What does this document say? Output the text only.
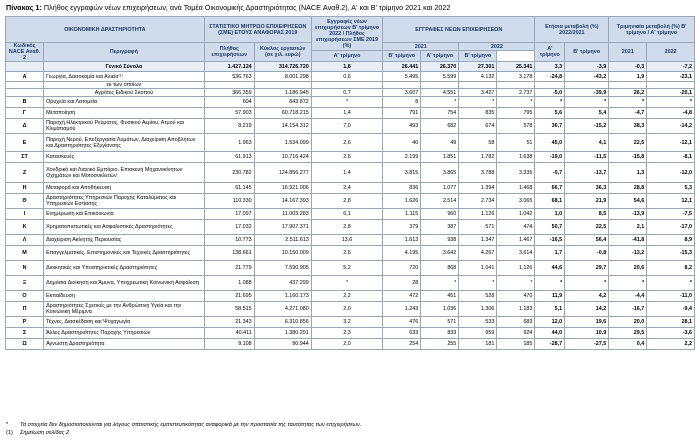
Πίνακας 1: Πλήθος εγγραφών νέων επιχειρήσεων, ανά Τομέα Οικονομικής Δραστηριότητας (NACE Αναθ.2), Α' και Β' τρίμηνο 2021 και 2022
ΟΙΚΟΝΟΜΙΚΗ ΔΡΑΣΤΗΡΙΟΤΗΤΑ		ΣΤΑΤΙΣΤΙΚΟ ΜΗΤΡΩΟ ΕΠΙΧΕΙΡΗΣΕΩΝ (ΣΜΕ) ΕΤΟΥΣ ΑΝΑΦΟΡΑΣ 2019		Εγγραφές νέων επιχειρήσεων Β' τρίμηνο 2022 / Πλήθος επιχειρήσεων ΣΜΕ 2019 (%)	ΕΓΓΡΑΦΕΣ ΝΕΩΝ ΕΠΙΧΕΙΡΗΣΕΩΝ				Ετήσια μεταβολή (%) 2022/2021		Τριμηνιαία μεταβολή (%) Β' τρίμηνο / Α' τρίμηνο	
Κωδικός NACE Αναθ. 2	Περιγραφή	Πλήθος επιχειρήσεων	Κύκλος εργασιών (σε χιλ. ευρώ)		2021		2022		Α' τρίμηνο	Β' τρίμηνο	2021	2022
				Α' τρίμηνο	Β' τρίμηνο	Α' τρίμηνο	Β' τρίμηνο					
	Γενικό Σύνολο	1.427.124	314.726.720	1,8	26.441	26.370	27.301	25.341	3,3	-3,9	-0,3	-7,2
Α	Γεωργία, Δασοκομία και Αλιεία⁽¹⁾	536.763	8.001.298	0,6	5.495	5.599	4.132	3.178	-24,8	-43,2	1,9	-23,1
	εκ των οποίων											
	Αγρότες Ειδικού Σκοπού	366.359	1.186.945	0,7	3.607	4.551	3.427	2.737	-5,0	-39,9	26,2	-20,1
Β	Ορυχεία και Λατομεία	604	843.872	*	8	*	*	*	*	*	*	*
Γ	Μεταποίηση	57.903	60.718.215	1,4	791	754	835	795	5,6	5,4	-4,7	-4,8
Δ	Παροχή Ηλεκτρικού Ρεύματος, Φυσικού Αερίου, Ατμού και Κλιματισμού	8.219	14.154.312	7,0	493	682	674	578	36,7	-15,2	38,3	-14,2
Ε	Παροχή Νερού, Επεξεργασία Λυμάτων, Διαχείριση Αποβλήτων και Δραστηριότητες Εξυγίανσης	1.963	1.534.099	2,6	40	49	58	51	45,0	4,1	22,5	-12,1
ΣΤ	Κατασκευές	61.913	10.716.424	2,6	2.199	1.851	1.782	1.638	-19,0	-11,5	-15,8	-8,1
Ζ	Χονδρικό και Λιανικό Εμπόριο, Επισκευή Μηχανοκίνητων Οχημάτων και Μοτοσυκλετών	230.782	124.856.277	1,4	3.815	3.865	3.788	3.335	-0,7	-13,7	1,3	-12,0
Η	Μεταφορά και Αποθήκευση	61.145	16.921.006	2,4	836	1.077	1.394	1.468	66,7	36,3	28,8	5,3
Θ	Δραστηριότητες Υπηρεσιών Παροχής Καταλύματος και Υπηρεσιών Εστίασης	110.330	14.167.393	2,8	1.626	2.514	2.734	3.065	68,1	21,9	54,6	12,1
Ι	Ενημέρωση και Επικοινωνία	17.097	11.003.283	6,1	1.115	960	1.126	1.042	1,0	8,5	-13,9	-7,5
Κ	Χρηματοπιστωτικές και Ασφαλιστικές Δραστηριότητες	17.032	17.907.371	2,8	379	387	571	474	50,7	22,5	2,1	-17,0
Λ	Διαχείριση Ακίνητης Περιουσίας	10.773	2.511.613	13,6	1.613	938	1.347	1.467	-16,5	56,4	-41,8	8,9
Μ	Επαγγελματικές, Επιστημονικές και Τεχνικές Δραστηριότητες	138.661	10.150.009	2,6	4.195	3.642	4.267	3.614	1,7	-0,8	-13,2	-15,3
Ν	Διοικητικές και Υποστηρικτικές Δραστηριότητες	21.779	7.590.905	5,2	720	868	1.041	1.126	44,6	29,7	20,6	8,2
Ξ	Δημόσια Διοίκηση και Άμυνα, Υποχρεωτική Κοινωνική Ασφάλιση	1.088	437.299	*	28	*	*	*	*	*	*	*
Ο	Εκπαίδευση	21.695	1.160.173	2,2	472	451	528	470	11,9	4,2	-4,4	-11,0
Π	Δραστηριότητες Σχετικές με την Ανθρώπινη Υγεία και την Κοινωνική Μέριμνα	58.515	4.271.080	2,0	1.243	1.036	1.306	1.183	5,1	14,2	-16,7	-9,4
Ρ	Τέχνες, Διασκέδαση και Ψυχαγωγία	21.343	6.310.856	3,2	476	571	533	683	12,0	19,6	20,0	28,1
Σ	Άλλες Δραστηριότητες Παροχής Υπηρεσιών	40.411	1.380.291	2,3	633	833	959	924	44,0	10,9	29,5	-3,6
Ω	Αγνωστη Δραστηριότητα	9.108	90.944	2,0	254	255	181	185	-28,7	-27,5	0,4	2,2
* Τα στοιχεία δεν δημοσιοποιούνται για λόγους στατιστικής εμπιστευτικότητας αναφορικά με την προστασία της ταυτότητας των επιχειρήσεων.
(1) Σημείωση σελίδας 2
